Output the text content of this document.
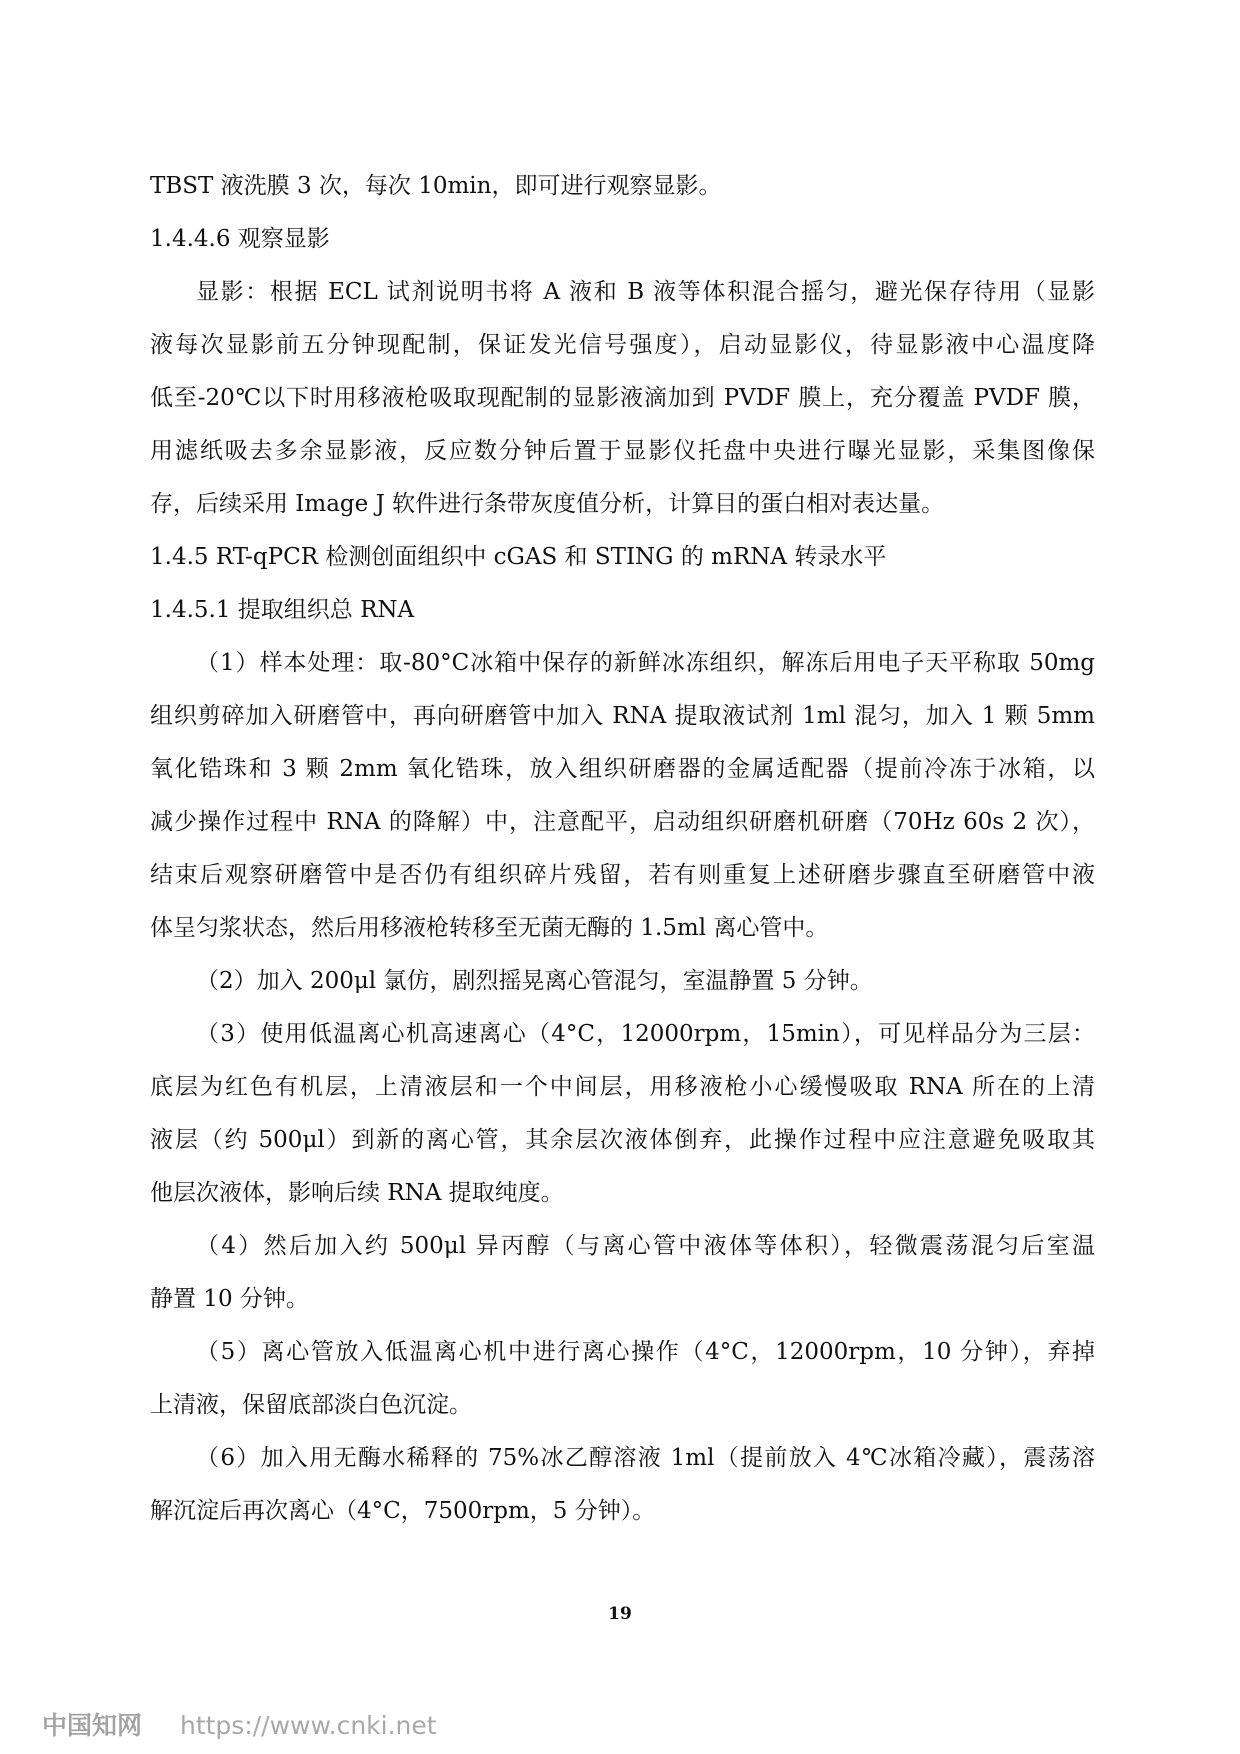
TBST 液洗膜 3 次，每次 10min，即可进行观察显影。
1.4.4.6 观察显影
显影：根据 ECL 试剂说明书将 A 液和 B 液等体积混合摇匀，避光保存待用（显影
液每次显影前五分钟现配制，保证发光信号强度），启动显影仪，待显影液中心温度降
低至-20℃以下时用移液枪吸取现配制的显影液滴加到 PVDF 膜上，充分覆盖 PVDF 膜，
用滤纸吸去多余显影液，反应数分钟后置于显影仪托盘中央进行曝光显影，采集图像保
存，后续采用 Image J 软件进行条带灰度值分析，计算目的蛋白相对表达量。
1.4.5 RT-qPCR 检测创面组织中 cGAS 和 STING 的 mRNA 转录水平
1.4.5.1 提取组织总 RNA
（1）样本处理：取-80°C冰箱中保存的新鲜冰冻组织，解冻后用电子天平称取 50mg
组织剪碎加入研磨管中，再向研磨管中加入 RNA 提取液试剂 1ml 混匀，加入 1 颗 5mm
氧化锆珠和 3 颗 2mm 氧化锆珠，放入组织研磨器的金属适配器（提前冷冻于冰箱，以
减少操作过程中 RNA 的降解）中，注意配平，启动组织研磨机研磨（70Hz 60s 2 次），
结束后观察研磨管中是否仍有组织碎片残留，若有则重复上述研磨步骤直至研磨管中液
体呈匀浆状态，然后用移液枪转移至无菌无酶的 1.5ml 离心管中。
（2）加入 200μl 氯仿，剧烈摇晃离心管混匀，室温静置 5 分钟。
（3）使用低温离心机高速离心（4°C，12000rpm，15min），可见样品分为三层：
底层为红色有机层，上清液层和一个中间层，用移液枪小心缓慢吸取 RNA 所在的上清
液层（约 500μl）到新的离心管，其余层次液体倒弃，此操作过程中应注意避免吸取其
他层次液体，影响后续 RNA 提取纯度。
（4）然后加入约 500μl 异丙醇（与离心管中液体等体积），轻微震荡混匀后室温
静置 10 分钟。
（5）离心管放入低温离心机中进行离心操作（4°C，12000rpm，10 分钟），弃掉
上清液，保留底部淡白色沉淀。
（6）加入用无酶水稀释的 75%冰乙醇溶液 1ml（提前放入 4℃冰箱冷藏），震荡溶
解沉淀后再次离心（4°C，7500rpm，5 分钟）。
19
中国知网 https://www.cnki.net
